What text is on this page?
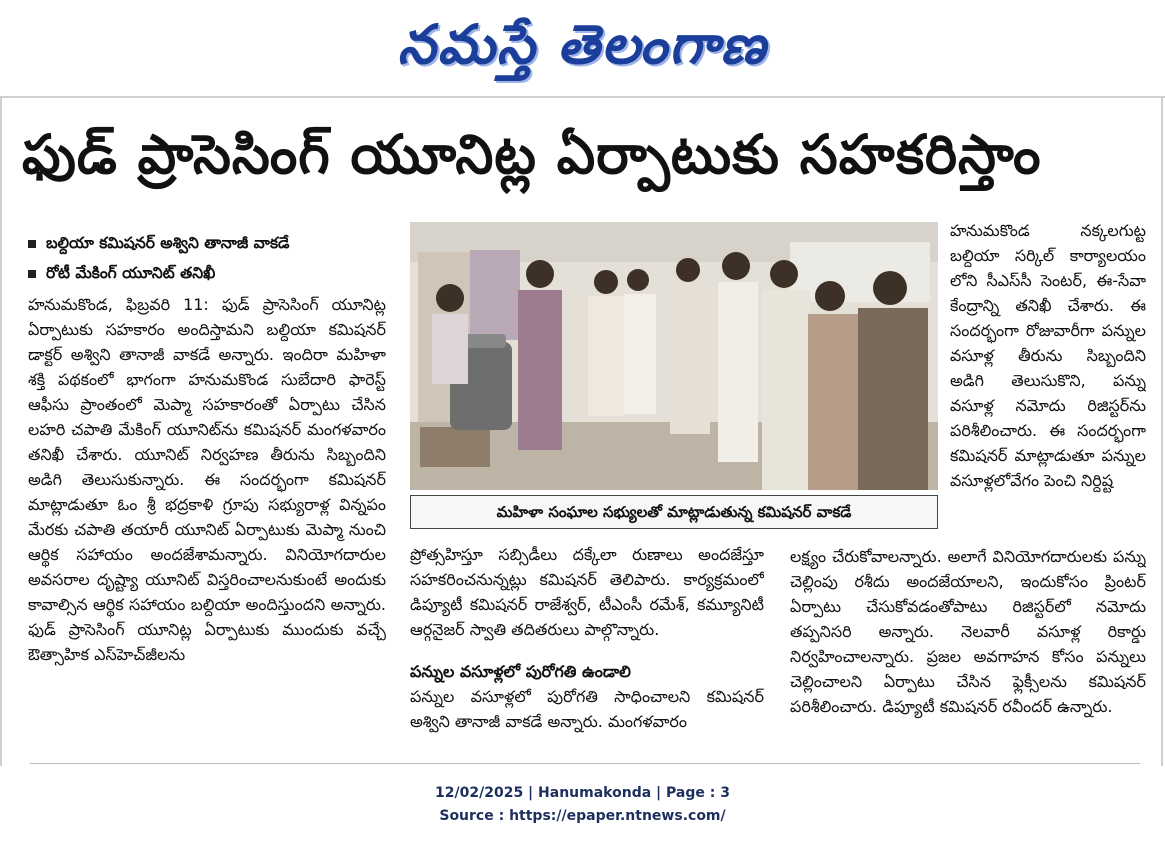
నమస్తే తెలంగాణ
ఫుడ్ ప్రాసెసింగ్ యూనిట్ల ఏర్పాటుకు సహకరిస్తాం
బల్దియా కమిషనర్ అశ్విని తానాజీ వాకడే
రోటీ మేకింగ్ యూనిట్ తనిఖీ

హనుమకొండ, ఫిబ్రవరి 11: ఫుడ్ ప్రాసెసింగ్ యూనిట్ల ఏర్పాటుకు సహకారం అందిస్తామని బల్దియా కమిషనర్ డాక్టర్ అశ్విని తానాజీ వాకడే అన్నారు. ఇందిరా మహిళా శక్తి పథకంలో భాగంగా హనుమకొండ సుబేదారి ఫారెస్ట్ ఆఫీసు ప్రాంతంలో మెప్మా సహకారంతో ఏర్పాటు చేసిన లహరి చపాతి మేకింగ్ యూనిట్‌ను కమిషనర్ మంగళవారం తనిఖీ చేశారు. యూనిట్ నిర్వహణ తీరును సిబ్బందిని అడిగి తెలుసుకున్నారు. ఈ సందర్భంగా కమిషనర్ మాట్లాడుతూ ఓం శ్రీ భద్రకాళి గ్రూపు సభ్యురాళ్ల విన్నపం మేరకు చపాతి తయారీ యూనిట్ ఏర్పాటుకు మెప్మా నుంచి ఆర్థిక సహాయం అందజేశామన్నారు. వినియోగదారుల అవసరాల దృష్ట్యా యూనిట్ విస్తరించాలనుకుంటే అందుకు కావాల్సిన ఆర్థిక సహాయం బల్దియా అందిస్తుందని అన్నారు. ఫుడ్ ప్రాసెసింగ్ యూనిట్ల ఏర్పాటుకు ముందుకు వచ్చే ఔత్సాహిక ఎస్‌హెచ్‌జీలను

మహిళా సంఘాల సభ్యులతో మాట్లాడుతున్న కమిషనర్ వాకడే

హనుమకొండ నక్కలగుట్ట బల్దియా సర్కిల్ కార్యాలయం లోని సీఎస్‌సీ సెంటర్, ఈ-సేవా కేంద్రాన్ని తనిఖీ చేశారు. ఈ సందర్భంగా రోజువారీగా పన్నుల వసూళ్ల తీరును సిబ్బందిని అడిగి తెలుసుకొని, పన్ను వసూళ్ల నమోదు రిజిస్టర్‌ను పరిశీలించారు. ఈ సందర్భంగా కమిషనర్ మాట్లాడుతూ పన్నుల వసూళ్లలోవేగం పెంచి నిర్దిష్ట

ప్రోత్సహిస్తూ సబ్సిడీలు దక్కేలా రుణాలు అందజేస్తూ సహకరించనున్నట్లు కమిషనర్ తెలిపారు. కార్యక్రమంలో డిప్యూటీ కమిషనర్ రాజేశ్వర్, టీఎంసీ రమేశ్, కమ్యూనిటీ ఆర్గనైజర్ స్వాతి తదితరులు పాల్గొన్నారు.

పన్నుల వసూళ్లలో పురోగతి ఉండాలి

పన్నుల వసూళ్లలో పురోగతి సాధించాలని కమిషనర్ అశ్విని తానాజీ వాకడే అన్నారు. మంగళవారం

లక్ష్యం చేరుకోవాలన్నారు. అలాగే వినియోగదారులకు పన్ను చెల్లింపు రశీదు అందజేయాలని, ఇందుకోసం ప్రింటర్ ఏర్పాటు చేసుకోవడంతోపాటు రిజిస్టర్‌లో నమోదు తప్పనిసరి అన్నారు. నెలవారీ వసూళ్ల రికార్డు నిర్వహించాలన్నారు. ప్రజల అవగాహన కోసం పన్నులు చెల్లించాలని ఏర్పాటు చేసిన ఫ్లెక్సీలను కమిషనర్ పరిశీలించారు. డిప్యూటీ కమిషనర్ రవీందర్ ఉన్నారు.

12/02/2025 | Hanumakonda | Page : 3
Source : https://epaper.ntnews.com/
